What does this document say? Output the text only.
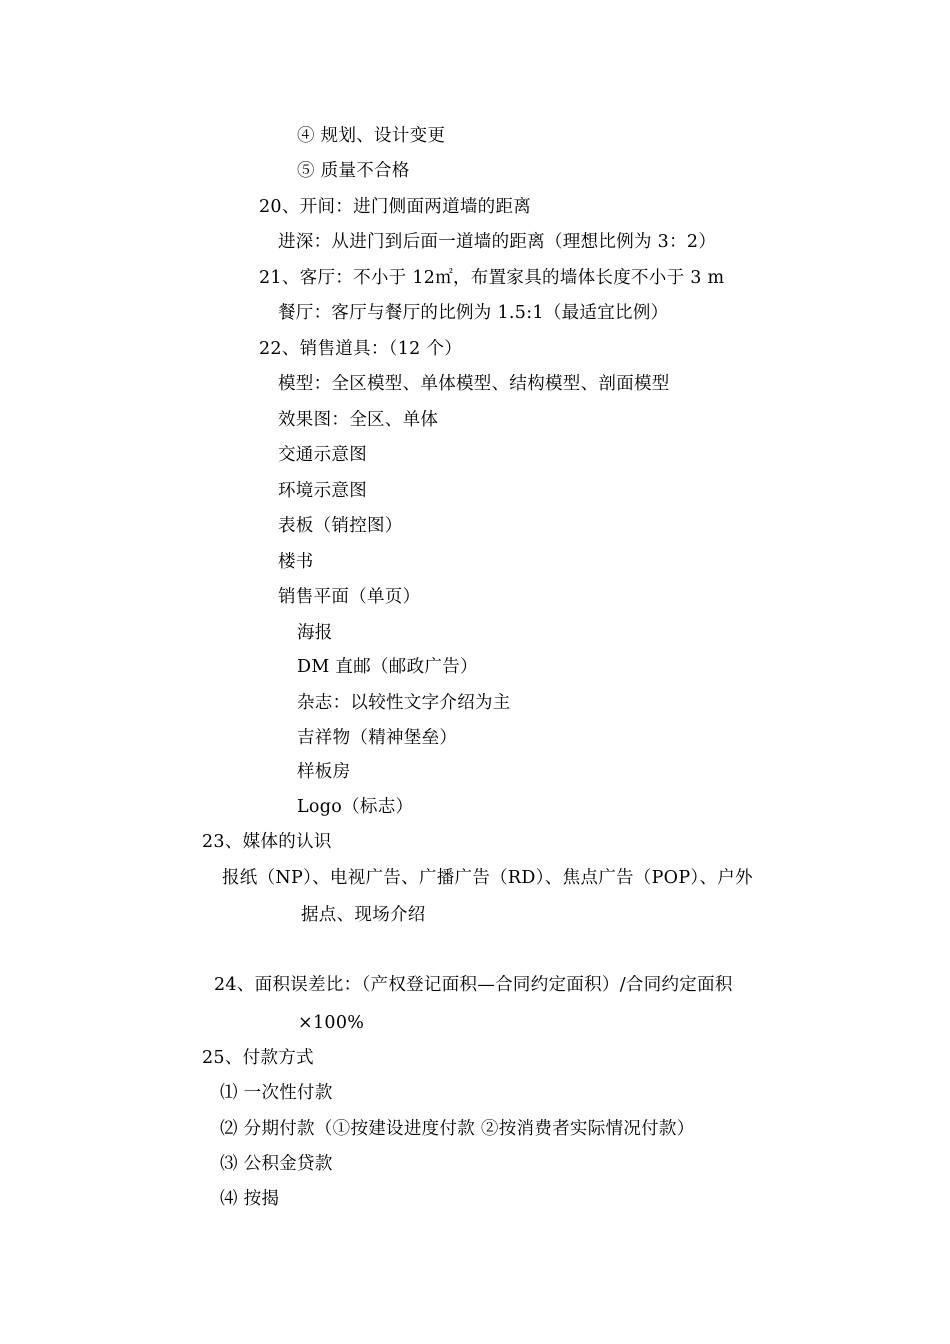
④ 规划、设计变更
⑤ 质量不合格
20、开间：进门侧面两道墙的距离
进深：从进门到后面一道墙的距离（理想比例为 3：2）
21、客厅：不小于 12㎡，布置家具的墙体长度不小于 3 m
餐厅：客厅与餐厅的比例为 1.5:1（最适宜比例）
22、销售道具：（12 个）
模型：全区模型、单体模型、结构模型、剖面模型
效果图：全区、单体
交通示意图
环境示意图
表板（销控图）
楼书
销售平面（单页）
海报
DM 直邮（邮政广告）
杂志：以较性文字介绍为主
吉祥物（精神堡垒）
样板房
Logo（标志）
23、媒体的认识
报纸（NP）、电视广告、广播广告（RD）、焦点广告（POP）、户外
据点、现场介绍
24、面积误差比：（产权登记面积—合同约定面积）/合同约定面积
×100%
25、付款方式
⑴ 一次性付款
⑵ 分期付款（①按建设进度付款 ②按消费者实际情况付款）
⑶ 公积金贷款
⑷ 按揭
